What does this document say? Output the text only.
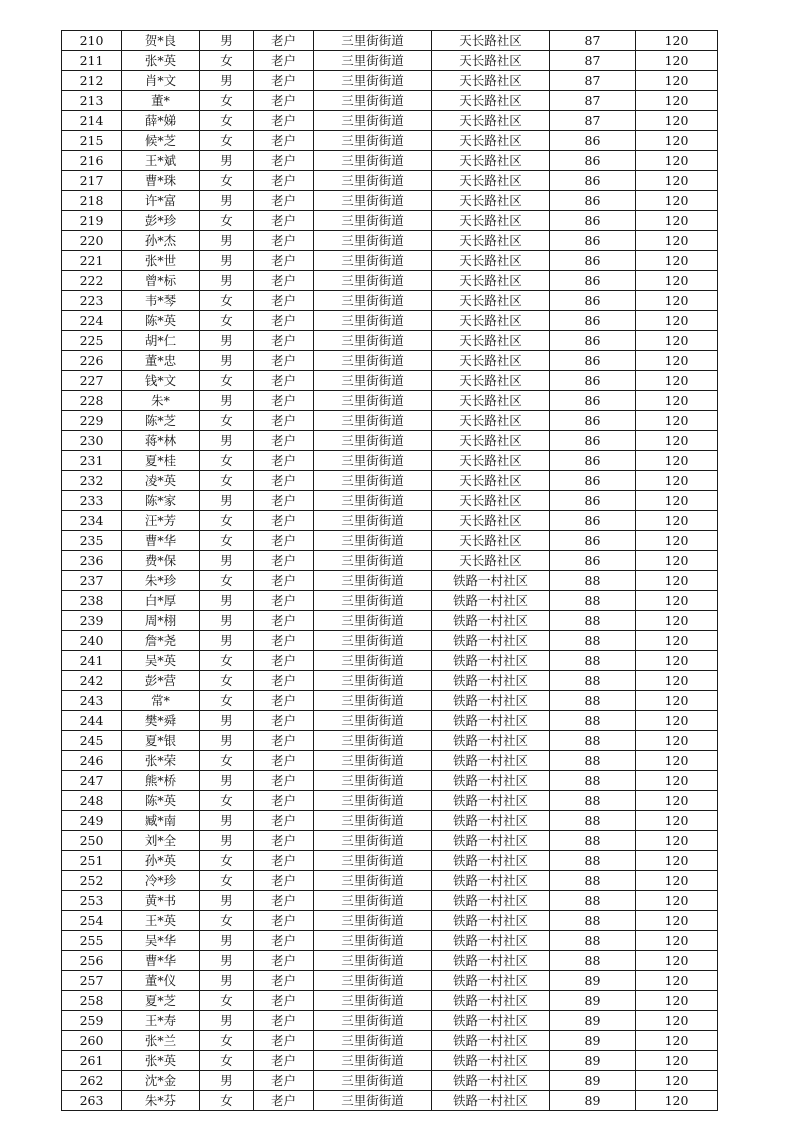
210	贺*良	男	老户	三里街街道	天长路社区	87	120
211	张*英	女	老户	三里街街道	天长路社区	87	120
212	肖*文	男	老户	三里街街道	天长路社区	87	120
213	董*	女	老户	三里街街道	天长路社区	87	120
214	薛*娣	女	老户	三里街街道	天长路社区	87	120
215	候*芝	女	老户	三里街街道	天长路社区	86	120
216	王*斌	男	老户	三里街街道	天长路社区	86	120
217	曹*珠	女	老户	三里街街道	天长路社区	86	120
218	许*富	男	老户	三里街街道	天长路社区	86	120
219	彭*珍	女	老户	三里街街道	天长路社区	86	120
220	孙*杰	男	老户	三里街街道	天长路社区	86	120
221	张*世	男	老户	三里街街道	天长路社区	86	120
222	曾*标	男	老户	三里街街道	天长路社区	86	120
223	韦*琴	女	老户	三里街街道	天长路社区	86	120
224	陈*英	女	老户	三里街街道	天长路社区	86	120
225	胡*仁	男	老户	三里街街道	天长路社区	86	120
226	董*忠	男	老户	三里街街道	天长路社区	86	120
227	钱*文	女	老户	三里街街道	天长路社区	86	120
228	朱*	男	老户	三里街街道	天长路社区	86	120
229	陈*芝	女	老户	三里街街道	天长路社区	86	120
230	蒋*林	男	老户	三里街街道	天长路社区	86	120
231	夏*桂	女	老户	三里街街道	天长路社区	86	120
232	凌*英	女	老户	三里街街道	天长路社区	86	120
233	陈*家	男	老户	三里街街道	天长路社区	86	120
234	汪*芳	女	老户	三里街街道	天长路社区	86	120
235	曹*华	女	老户	三里街街道	天长路社区	86	120
236	费*保	男	老户	三里街街道	天长路社区	86	120
237	朱*珍	女	老户	三里街街道	铁路一村社区	88	120
238	白*厚	男	老户	三里街街道	铁路一村社区	88	120
239	周*栩	男	老户	三里街街道	铁路一村社区	88	120
240	詹*尧	男	老户	三里街街道	铁路一村社区	88	120
241	吴*英	女	老户	三里街街道	铁路一村社区	88	120
242	彭*营	女	老户	三里街街道	铁路一村社区	88	120
243	常*	女	老户	三里街街道	铁路一村社区	88	120
244	樊*舜	男	老户	三里街街道	铁路一村社区	88	120
245	夏*银	男	老户	三里街街道	铁路一村社区	88	120
246	张*荣	女	老户	三里街街道	铁路一村社区	88	120
247	熊*桥	男	老户	三里街街道	铁路一村社区	88	120
248	陈*英	女	老户	三里街街道	铁路一村社区	88	120
249	臧*南	男	老户	三里街街道	铁路一村社区	88	120
250	刘*全	男	老户	三里街街道	铁路一村社区	88	120
251	孙*英	女	老户	三里街街道	铁路一村社区	88	120
252	冷*珍	女	老户	三里街街道	铁路一村社区	88	120
253	黄*书	男	老户	三里街街道	铁路一村社区	88	120
254	王*英	女	老户	三里街街道	铁路一村社区	88	120
255	吴*华	男	老户	三里街街道	铁路一村社区	88	120
256	曹*华	男	老户	三里街街道	铁路一村社区	88	120
257	董*仪	男	老户	三里街街道	铁路一村社区	89	120
258	夏*芝	女	老户	三里街街道	铁路一村社区	89	120
259	王*寿	男	老户	三里街街道	铁路一村社区	89	120
260	张*兰	女	老户	三里街街道	铁路一村社区	89	120
261	张*英	女	老户	三里街街道	铁路一村社区	89	120
262	沈*金	男	老户	三里街街道	铁路一村社区	89	120
263	朱*芬	女	老户	三里街街道	铁路一村社区	89	120
